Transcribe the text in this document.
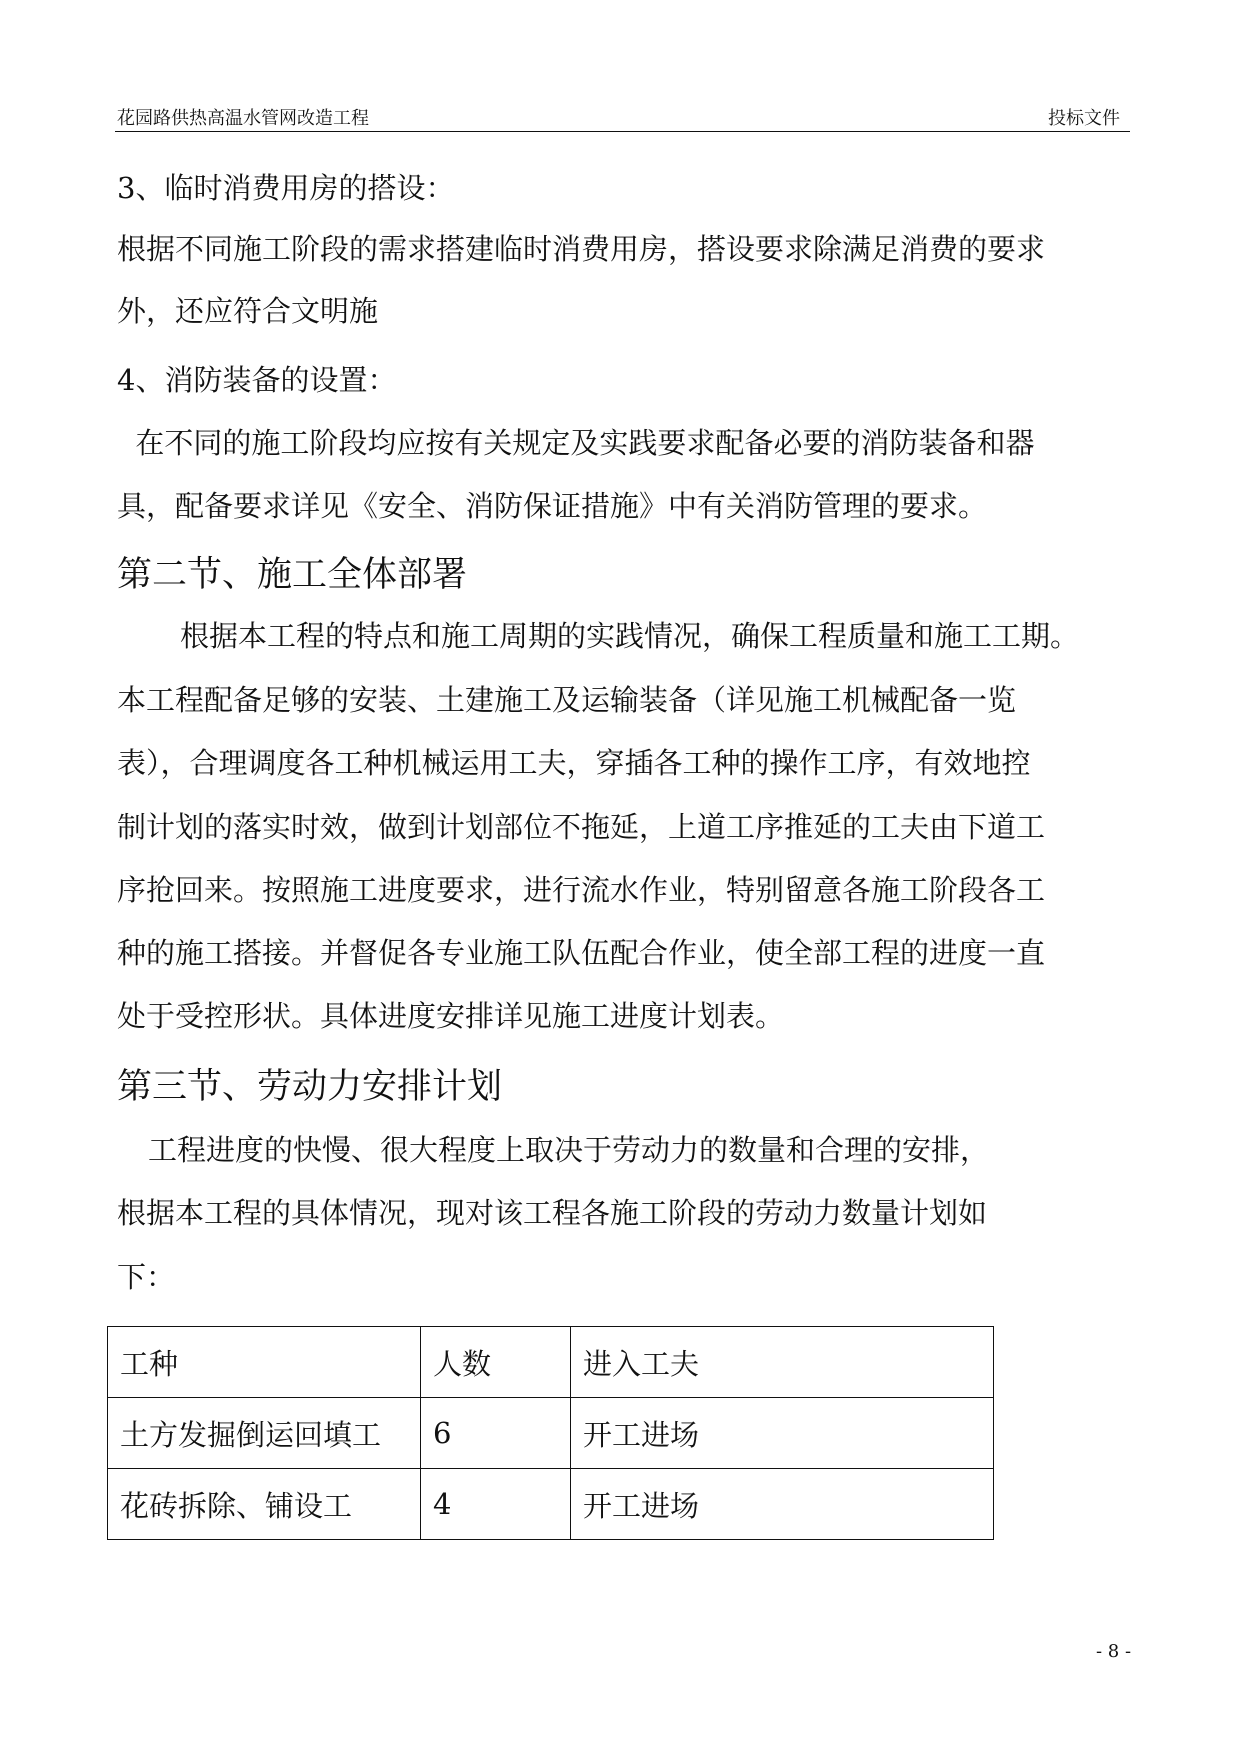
花园路供热高温水管网改造工程	投标文件
3、临时消费用房的搭设：
根据不同施工阶段的需求搭建临时消费用房，搭设要求除满足消费的要求
外，还应符合文明施
4、消防装备的设置：
在不同的施工阶段均应按有关规定及实践要求配备必要的消防装备和器
具，配备要求详见《安全、消防保证措施》中有关消防管理的要求。
第二节、施工全体部署
根据本工程的特点和施工周期的实践情况，确保工程质量和施工工期。
本工程配备足够的安装、土建施工及运输装备（详见施工机械配备一览
表），合理调度各工种机械运用工夫，穿插各工种的操作工序，有效地控
制计划的落实时效，做到计划部位不拖延，上道工序推延的工夫由下道工
序抢回来。按照施工进度要求，进行流水作业，特别留意各施工阶段各工
种的施工搭接。并督促各专业施工队伍配合作业，使全部工程的进度一直
处于受控形状。具体进度安排详见施工进度计划表。
第三节、劳动力安排计划
工程进度的快慢、很大程度上取决于劳动力的数量和合理的安排，
根据本工程的具体情况，现对该工程各施工阶段的劳动力数量计划如
下：
工种	人数	进入工夫
土方发掘倒运回填工	6	开工进场
花砖拆除、铺设工	4	开工进场
- 8 -
